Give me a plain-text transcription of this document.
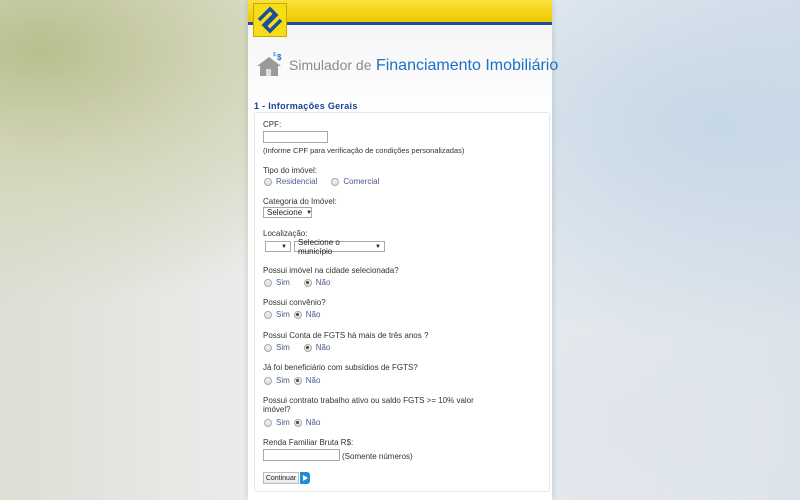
$
$
Simulador de Financiamento Imobiliário
1 - Informações Gerais
CPF:
(Informe CPF para verificação de condições personalizadas)
Tipo do imóvel:
Residencial	Comercial
Categoria do Imóvel:
Selecione ▼
Localização:
▼ Selecione o município	▼
Possui imóvel na cidade selecionada?
Sim	Não
Possui convênio?
Sim Não
Possui Conta de FGTS há mais de três anos ?
Sim	Não
Já foi beneficiário com subsídios de FGTS?
Sim Não
Possui contrato trabalho ativo ou saldo FGTS >= 10% valor
imóvel?
Sim Não
Renda Familiar Bruta R$:
(Somente números)
Continuar
